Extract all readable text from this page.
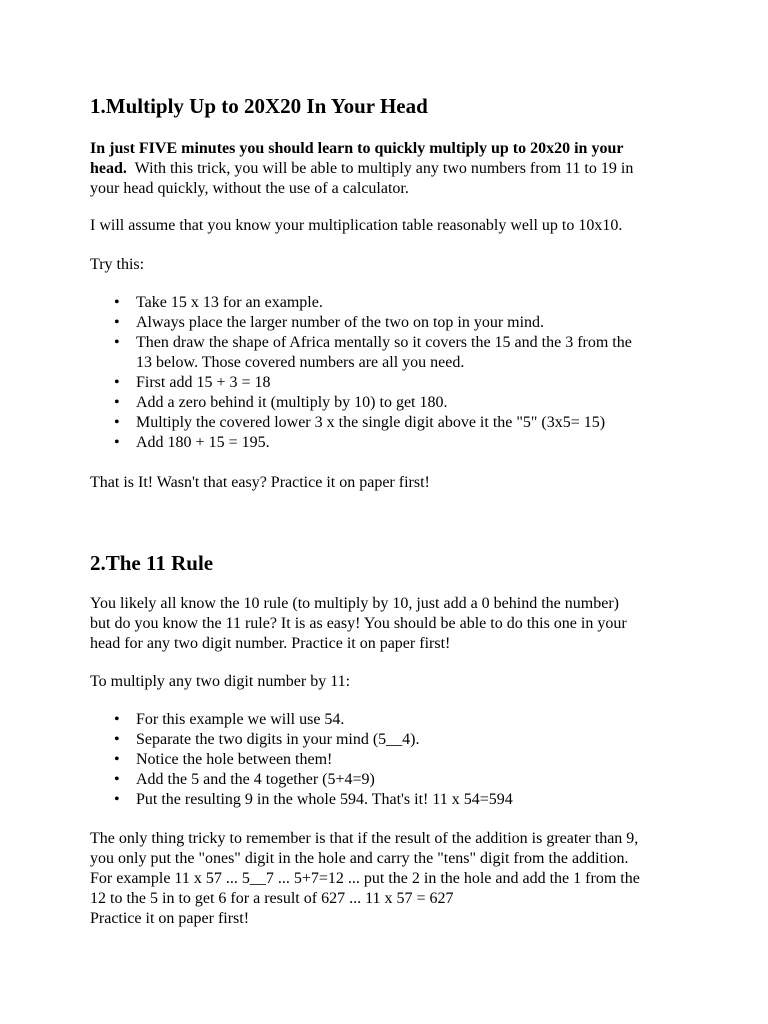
1.Multiply Up to 20X20 In Your Head

In just FIVE minutes you should learn to quickly multiply up to 20x20 in your
head.  With this trick, you will be able to multiply any two numbers from 11 to 19 in
your head quickly, without the use of a calculator.

I will assume that you know your multiplication table reasonably well up to 10x10.

Try this:

• Take 15 x 13 for an example.
• Always place the larger number of the two on top in your mind.
• Then draw the shape of Africa mentally so it covers the 15 and the 3 from the
13 below. Those covered numbers are all you need.
• First add 15 + 3 = 18
• Add a zero behind it (multiply by 10) to get 180.
• Multiply the covered lower 3 x the single digit above it the "5" (3x5= 15)
• Add 180 + 15 = 195.

That is It! Wasn't that easy? Practice it on paper first!

2.The 11 Rule

You likely all know the 10 rule (to multiply by 10, just add a 0 behind the number)
but do you know the 11 rule? It is as easy! You should be able to do this one in your
head for any two digit number. Practice it on paper first!

To multiply any two digit number by 11:

• For this example we will use 54.
• Separate the two digits in your mind (5__4).
• Notice the hole between them!
• Add the 5 and the 4 together (5+4=9)
• Put the resulting 9 in the whole 594. That's it! 11 x 54=594

The only thing tricky to remember is that if the result of the addition is greater than 9,
you only put the "ones" digit in the hole and carry the "tens" digit from the addition.
For example 11 x 57 ... 5__7 ... 5+7=12 ... put the 2 in the hole and add the 1 from the
12 to the 5 in to get 6 for a result of 627 ... 11 x 57 = 627
Practice it on paper first!
